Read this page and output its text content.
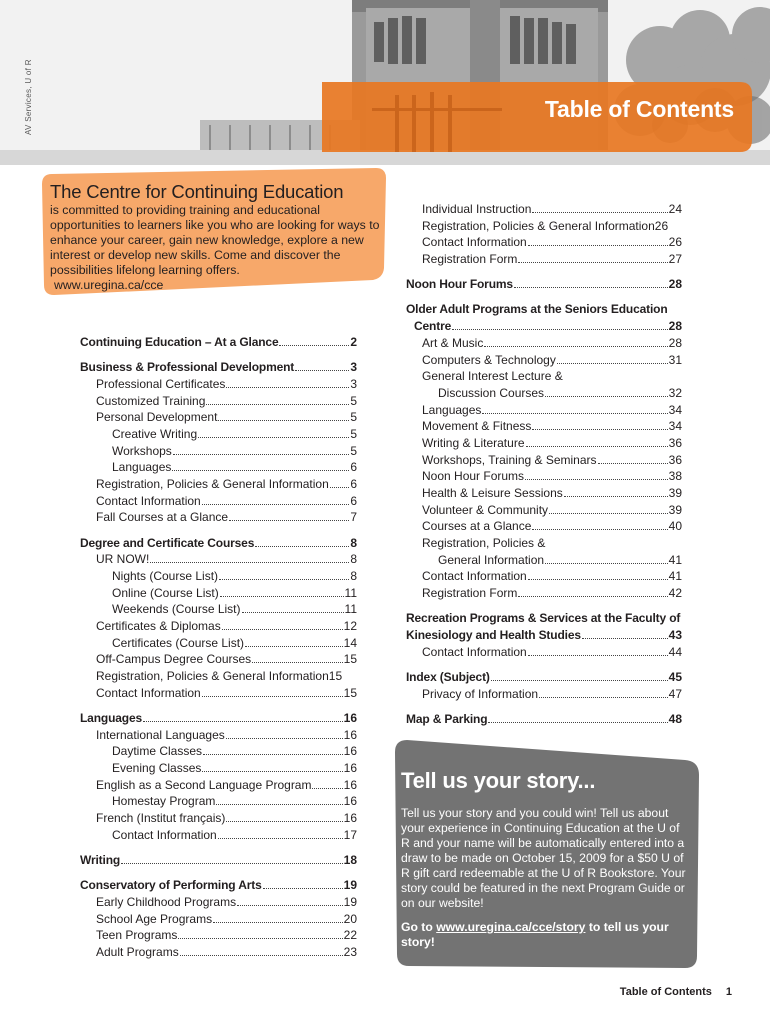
AV Services, U of R	Table of Contents
The Centre for Continuing Education

is committed to providing training and educational opportunities to learners like you who are looking for ways to enhance your career, gain new knowledge, explore a new interest or develop new skills. Come and discover the possibilities lifelong learning offers.
www.uregina.ca/cce

Continuing Education – At a Glance	2
Business & Professional Development	3
Professional Certificates	3
Customized Training	5
Personal Development	5
Creative Writing	5
Workshops	5
Languages	6
Registration, Policies & General Information 6
Contact Information	6
Fall Courses at a Glance	7
Degree and Certificate Courses	8
UR NOW!	8
Nights (Course List)	8
Online (Course List)	11
Weekends (Course List)	11
Certificates & Diplomas	12
Certificates (Course List)	14
Off-Campus Degree Courses	15
Registration, Policies & General Information 15
Contact Information	15
Languages	16
International Languages	16
Daytime Classes	16
Evening Classes	16
English as a Second Language Program	16
Homestay Program	16
French (Institut français)	16
Contact Information	17
Writing	18
Conservatory of Performing Arts	19
Early Childhood Programs	19
School Age Programs	20
Teen Programs	22
Adult Programs	23
Individual Instruction	24
Registration, Policies & General Information 26
Contact Information	26
Registration Form	27
Noon Hour Forums	28
Older Adult Programs at the Seniors Education
Centre	28
Art & Music	28
Computers & Technology	31
General Interest Lecture &
Discussion Courses	32
Languages	34
Movement & Fitness	34
Writing & Literature	36
Workshops, Training & Seminars	36
Noon Hour Forums	38
Health & Leisure Sessions	39
Volunteer & Community	39
Courses at a Glance	40
Registration, Policies &
General Information	41
Contact Information	41
Registration Form	42
Recreation Programs & Services at the Faculty of
Kinesiology and Health Studies	43
Contact Information	44
Index (Subject)	45
Privacy of Information	47
Map & Parking	48
Tell us your story...

Tell us your story and you could win! Tell us about your experience in Continuing Education at the U of R and your name will be automatically entered into a draw to be made on October 15, 2009 for a $50 U of R gift card redeemable at the U of R Bookstore. Your story could be featured in the next Program Guide or on our website!

Go to www.uregina.ca/cce/story to tell us your story!

Table of Contents 1
